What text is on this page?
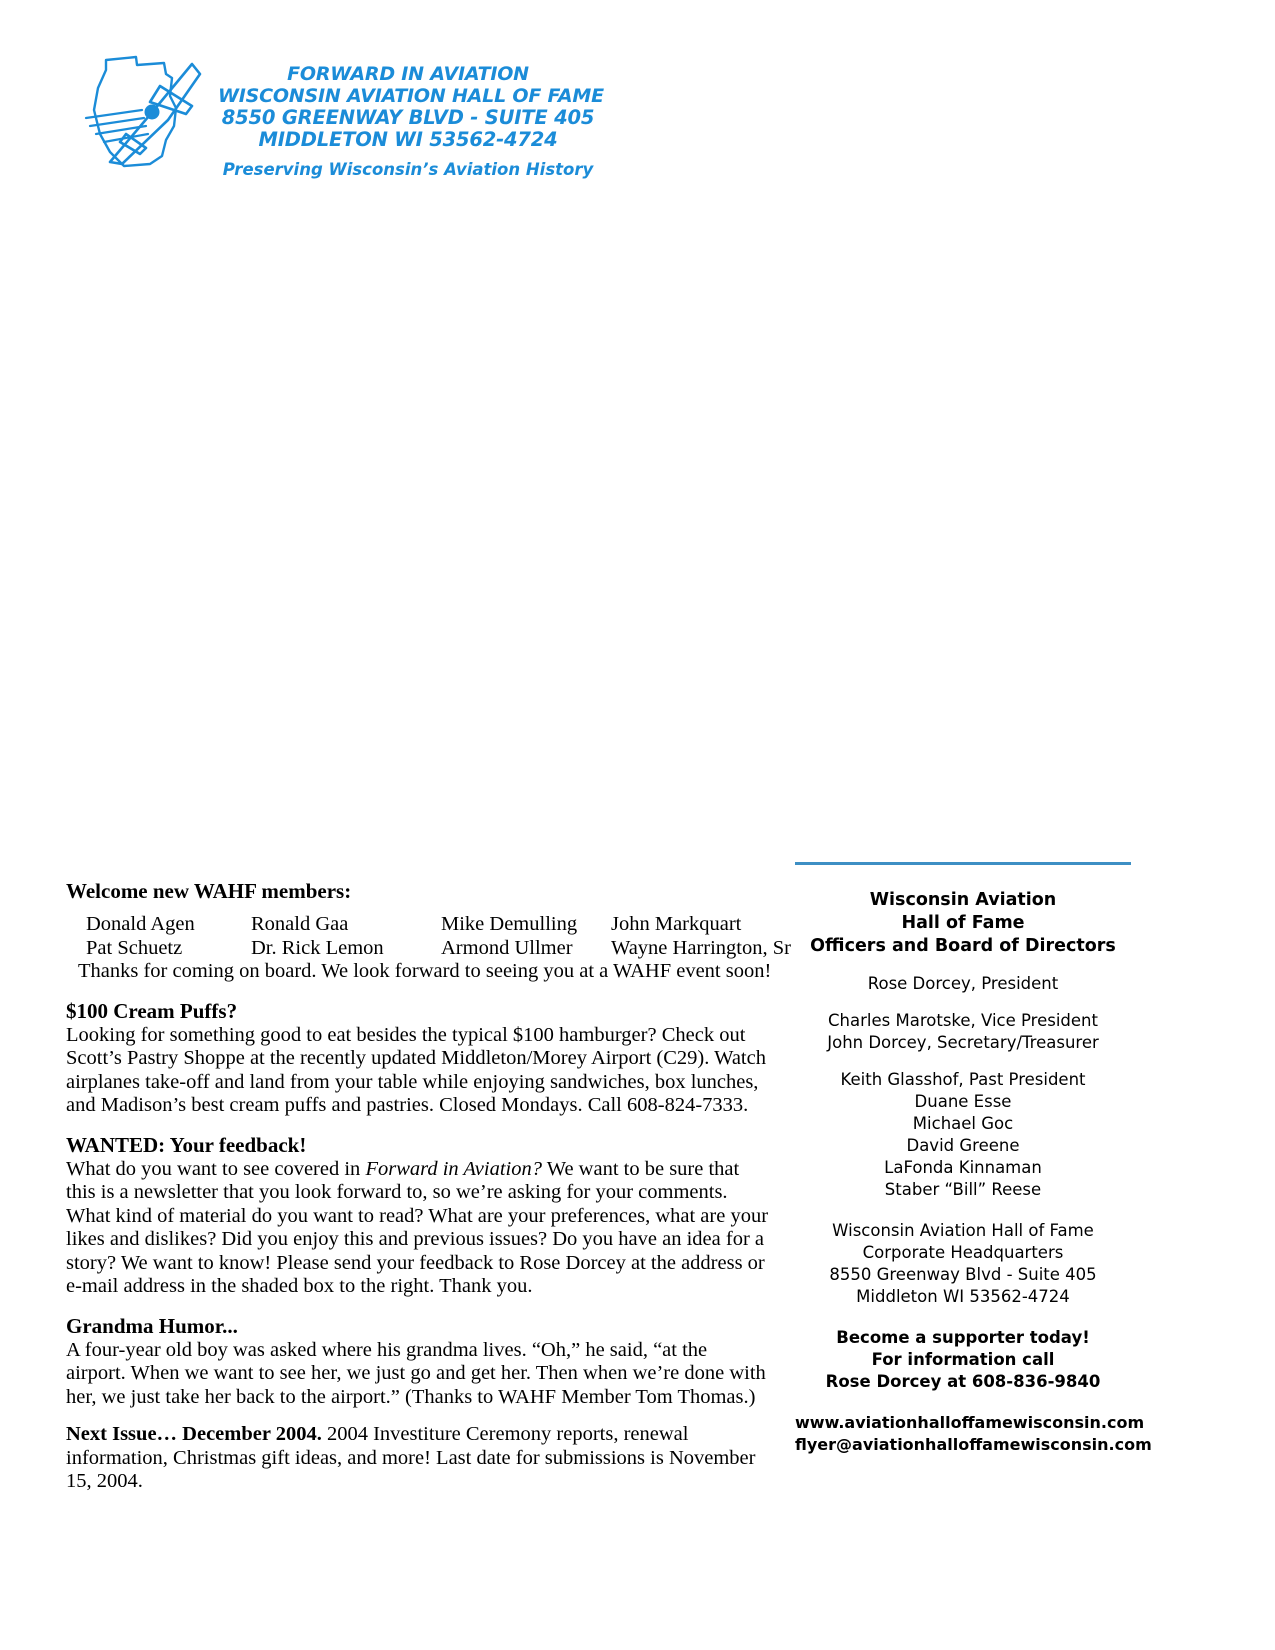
FORWARD IN AVIATION
WISCONSIN AVIATION HALL OF FAME
8550 GREENWAY BLVD - SUITE 405
MIDDLETON WI 53562-4724
Preserving Wisconsin’s Aviation History
Welcome new WAHF members:
Donald Agen	Ronald Gaa	Mike Demulling	John Markquart
Pat Schuetz	Dr. Rick Lemon	Armond Ullmer	Wayne Harrington, Sr
Thanks for coming on board. We look forward to seeing you at a WAHF event soon!
$100 Cream Puffs?

Looking for something good to eat besides the typical $100 hamburger? Check out Scott’s Pastry Shoppe at the recently updated Middleton/Morey Airport (C29). Watch airplanes take-off and land from your table while enjoying sandwiches, box lunches, and Madison’s best cream puffs and pastries. Closed Mondays. Call 608-824-7333.

WANTED: Your feedback!

What do you want to see covered in Forward in Aviation? We want to be sure that this is a newsletter that you look forward to, so we’re asking for your comments. What kind of material do you want to read? What are your preferences, what are your likes and dislikes? Did you enjoy this and previous issues? Do you have an idea for a story? We want to know! Please send your feedback to Rose Dorcey at the address or e-mail address in the shaded box to the right. Thank you.

Grandma Humor...

A four-year old boy was asked where his grandma lives. “Oh,” he said, “at the airport. When we want to see her, we just go and get her. Then when we’re done with her, we just take her back to the airport.” (Thanks to WAHF Member Tom Thomas.)

Next Issue… December 2004. 2004 Investiture Ceremony reports, renewal information, Christmas gift ideas, and more! Last date for submissions is November 15, 2004.

Wisconsin Aviation
Hall of Fame
Officers and Board of Directors
Rose Dorcey, President
Charles Marotske, Vice President
John Dorcey, Secretary/Treasurer
Keith Glasshof, Past President
Duane Esse
Michael Goc
David Greene
LaFonda Kinnaman
Staber “Bill” Reese
Wisconsin Aviation Hall of Fame
Corporate Headquarters
8550 Greenway Blvd - Suite 405
Middleton WI 53562-4724
Become a supporter today!
For information call
Rose Dorcey at 608-836-9840
www.aviationhalloffamewisconsin.com
flyer@aviationhalloffamewisconsin.com
